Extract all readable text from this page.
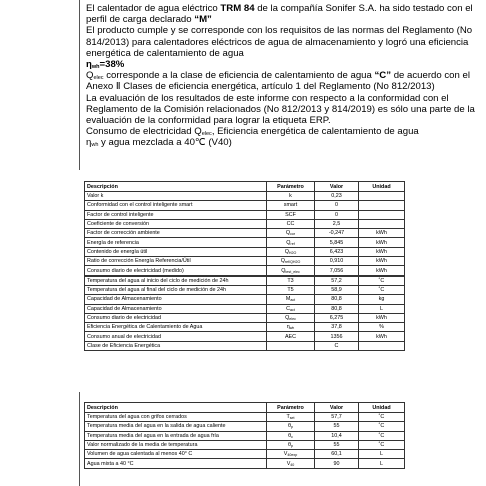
El calentador de agua eléctrico TRM 84 de la compañía Sonifer S.A. ha sido testado con el perfil de carga declarado “M”

El producto cumple y se corresponde con los requisitos de las normas del Reglamento (No 814/2013) para calentadores eléctricos de agua de almacenamiento y logró una eficiencia energética de calentamiento de agua

$\eta_{wh}=38\%$

$Q_{elec}$ corresponde a la clase de eficiencia de calentamiento de agua “C” de acuerdo con el Anexo Ⅱ Clases de eficiencia energética, artículo 1 del Reglamento (No 812/2013)

La evaluación de los resultados de este informe con respecto a la conformidad con el Reglamento de la Comisión relacionados (No 812/2013 y 814/2019) es sólo una parte de la evaluación de la conformidad para lograr la etiqueta ERP.

Consumo de electricidad $Q_{elec}$, Eficiencia energética de calentamiento de agua
$\eta_{wh}$ y agua mezclada a 40℃ (V40)

Descripción	Parámetro	Valor	Unidad
Valor k	k	0,23	
Conformidad con el control inteligente smart	smart	0	
Factor de control inteligente	SCF	0	
Coeficiente de conversión	CC	2,5	
Factor de corrección ambiente	$Q_{cor}$	-0,247	kWh
Energía de referencia	$Q_{ref}$	5,845	kWh
Contenido de energía útil	$Q_{H2O}$	6,423	kWh
Ratio de corrección Energía Referencia/Útil	$Q_{ref/QH2O}$	0,910	kWh
Consumo diario de electricidad (medido)	$Q_{test\_elec}$	7,056	kWh
Temperatura del agua al inicio del ciclo de medición de 24h	T3	57,2	˚C
Temperatura del agua al final del ciclo de medición de 24h	T5	58,9	˚C
Capacidad de Almacenamiento	$M_{act}$	80,8	kg
Capacidad de Almacenamiento	$C_{act}$	80,8	L
Consumo diario de electricidad	$Q_{elec}$	6,275	kWh
Eficiencia Energética de Calentamiento de Agua	$\eta_{wh}$	37,8	%
Consumo anual de electricidad	AEC	1356	kWh
Clase de Eficiencia Energética		C	
Descripción	Parámetro	Valor	Unidad
Temperatura del agua con grifos cerrados	$T_{set}$	57,7	˚C
Temperatura media del agua en la salida de agua caliente	$\theta_p$	55	˚C
Temperatura media del agua en la entrada de agua fría	$\theta_c$	10,4	˚C
Valor normalizado de la media de temperatura	$\theta_p$	55	˚C
Volumen de agua calentada al menos 40° C	$V_{40exp}$	60,1	L
Agua mixta a 40 °C	$V_{40}$	90	L
